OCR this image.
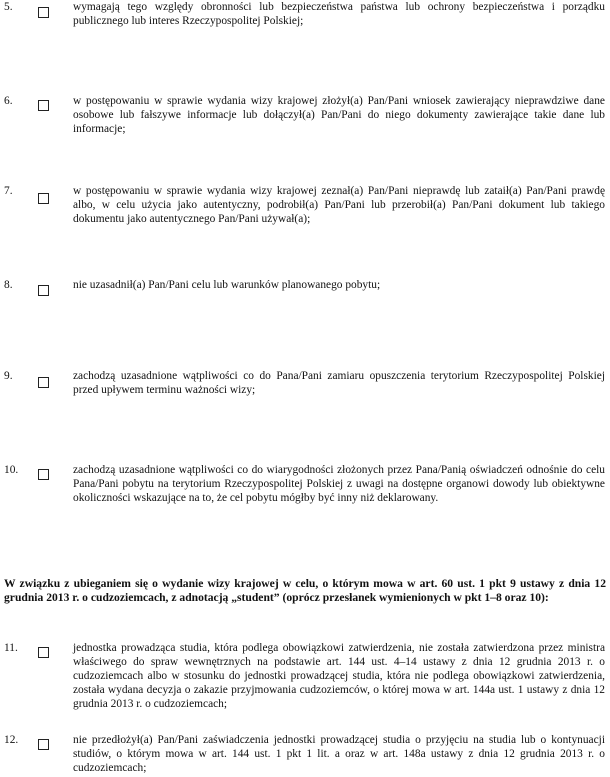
5.	wymagają tego względy obronności lub bezpieczeństwa państwa lub ochrony bezpieczeństwa i porządku publicznego lub interes Rzeczypospolitej Polskiej;
6.	w postępowaniu w sprawie wydania wizy krajowej złożył(a) Pan/Pani wniosek zawierający nieprawdziwe dane osobowe lub fałszywe informacje lub dołączył(a) Pan/Pani do niego dokumenty zawierające takie dane lub informacje;
7.	w postępowaniu w sprawie wydania wizy krajowej zeznał(a) Pan/Pani nieprawdę lub zataił(a) Pan/Pani prawdę albo, w celu użycia jako autentyczny, podrobił(a) Pan/Pani lub przerobił(a) Pan/Pani dokument lub takiego dokumentu jako autentycznego Pan/Pani używał(a);
8.	nie uzasadnił(a) Pan/Pani celu lub warunków planowanego pobytu;
9.	zachodzą uzasadnione wątpliwości co do Pana/Pani zamiaru opuszczenia terytorium Rzeczypospolitej Polskiej przed upływem terminu ważności wizy;
10.	zachodzą uzasadnione wątpliwości co do wiarygodności złożonych przez Pana/Panią oświadczeń odnośnie do celu Pana/Pani pobytu na terytorium Rzeczypospolitej Polskiej z uwagi na dostępne organowi dowody lub obiektywne okoliczności wskazujące na to, że cel pobytu mógłby być inny niż deklarowany.
W związku z ubieganiem się o wydanie wizy krajowej w celu, o którym mowa w art. 60 ust. 1 pkt 9 ustawy z dnia 12 grudnia 2013 r. o cudzoziemcach, z adnotacją „student” (oprócz przesłanek wymienionych w pkt 1–8 oraz 10):
11.	jednostka prowadząca studia, która podlega obowiązkowi zatwierdzenia, nie została zatwierdzona przez ministra właściwego do spraw wewnętrznych na podstawie art. 144 ust. 4–14 ustawy z dnia 12 grudnia 2013 r. o cudzoziemcach albo w stosunku do jednostki prowadzącej studia, która nie podlega obowiązkowi zatwierdzenia, została wydana decyzja o zakazie przyjmowania cudzoziemców, o której mowa w art. 144a ust. 1 ustawy z dnia 12 grudnia 2013 r. o cudzoziemcach;
12.	nie przedłożył(a) Pan/Pani zaświadczenia jednostki prowadzącej studia o przyjęciu na studia lub o kontynuacji studiów, o którym mowa w art. 144 ust. 1 pkt 1 lit. a oraz w art. 148a ustawy z dnia 12 grudnia 2013 r. o cudzoziemcach;
